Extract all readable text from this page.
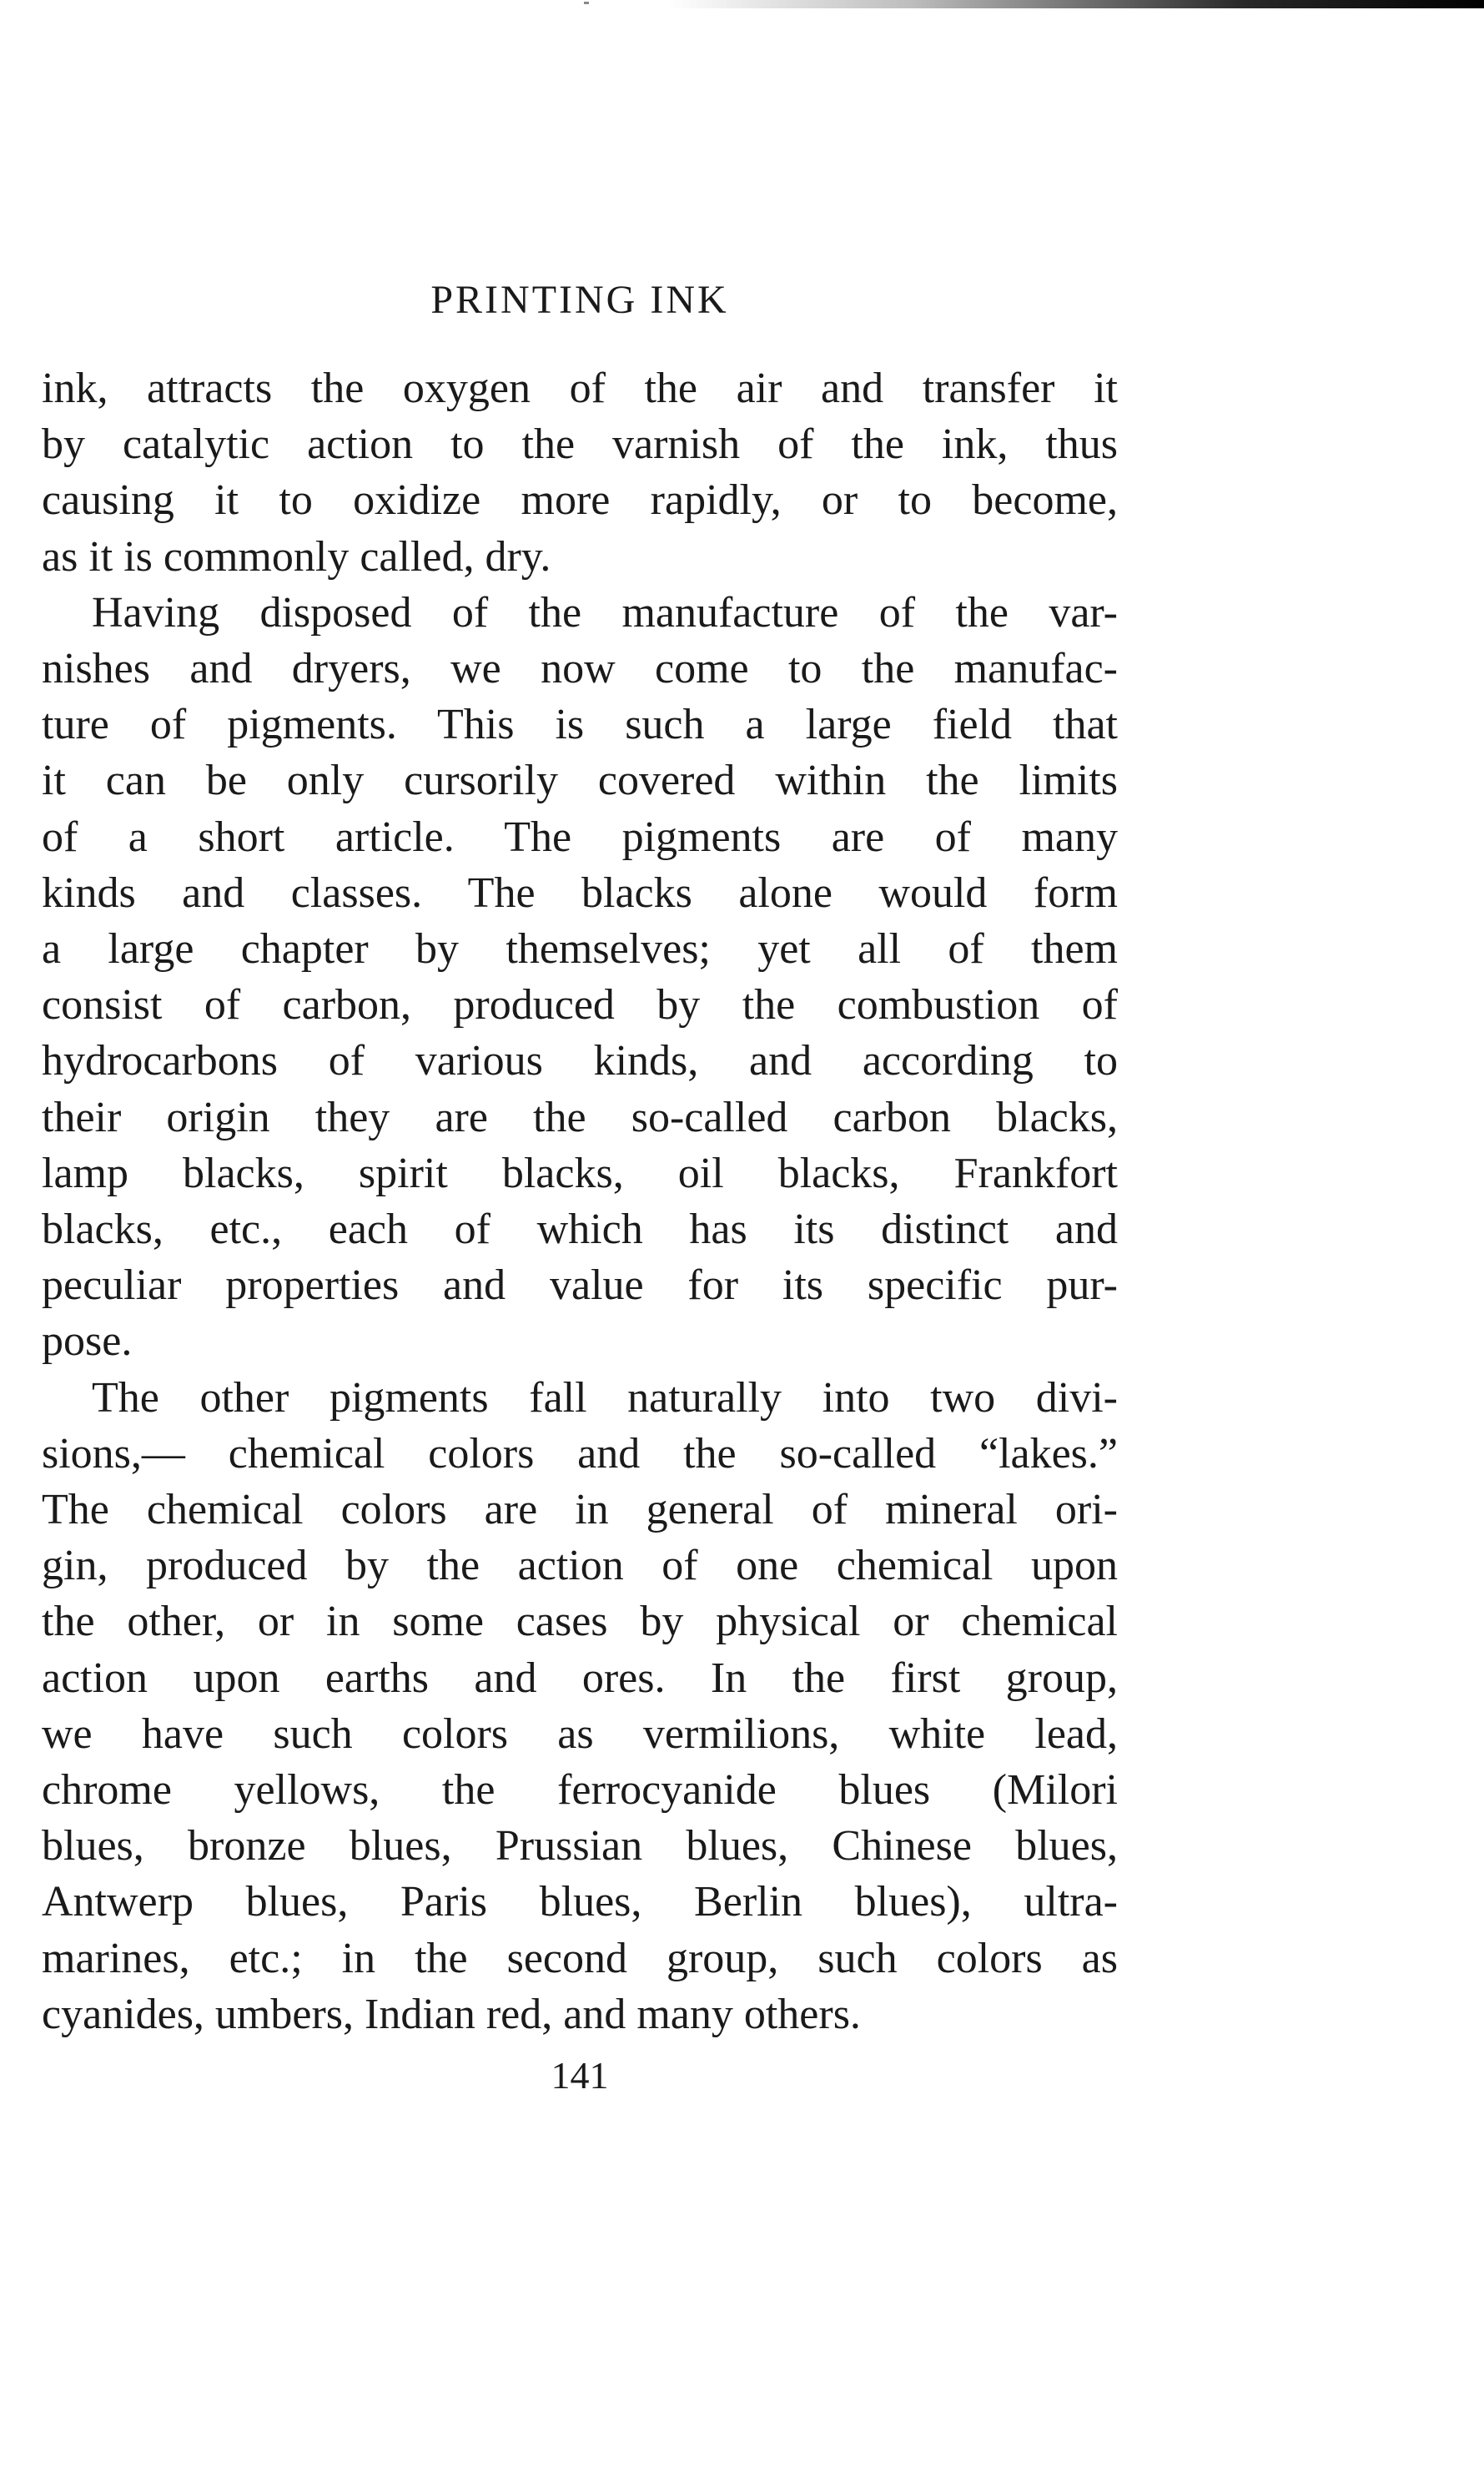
PRINTING INK
ink, attracts the oxygen of the air and transfer it
by catalytic action to the varnish of the ink, thus
causing it to oxidize more rapidly, or to become,
as it is commonly called, dry.
Having disposed of the manufacture of the var-
nishes and dryers, we now come to the manufac-
ture of pigments. This is such a large field that
it can be only cursorily covered within the limits
of a short article. The pigments are of many
kinds and classes. The blacks alone would form
a large chapter by themselves; yet all of them
consist of carbon, produced by the combustion of
hydrocarbons of various kinds, and according to
their origin they are the so-called carbon blacks,
lamp blacks, spirit blacks, oil blacks, Frankfort
blacks, etc., each of which has its distinct and
peculiar properties and value for its specific pur-
pose.
The other pigments fall naturally into two divi-
sions,— chemical colors and the so-called “lakes.”
The chemical colors are in general of mineral ori-
gin, produced by the action of one chemical upon
the other, or in some cases by physical or chemical
action upon earths and ores. In the first group,
we have such colors as vermilions, white lead,
chrome yellows, the ferrocyanide blues (Milori
blues, bronze blues, Prussian blues, Chinese blues,
Antwerp blues, Paris blues, Berlin blues), ultra-
marines, etc.; in the second group, such colors as
cyanides, umbers, Indian red, and many others.
141
